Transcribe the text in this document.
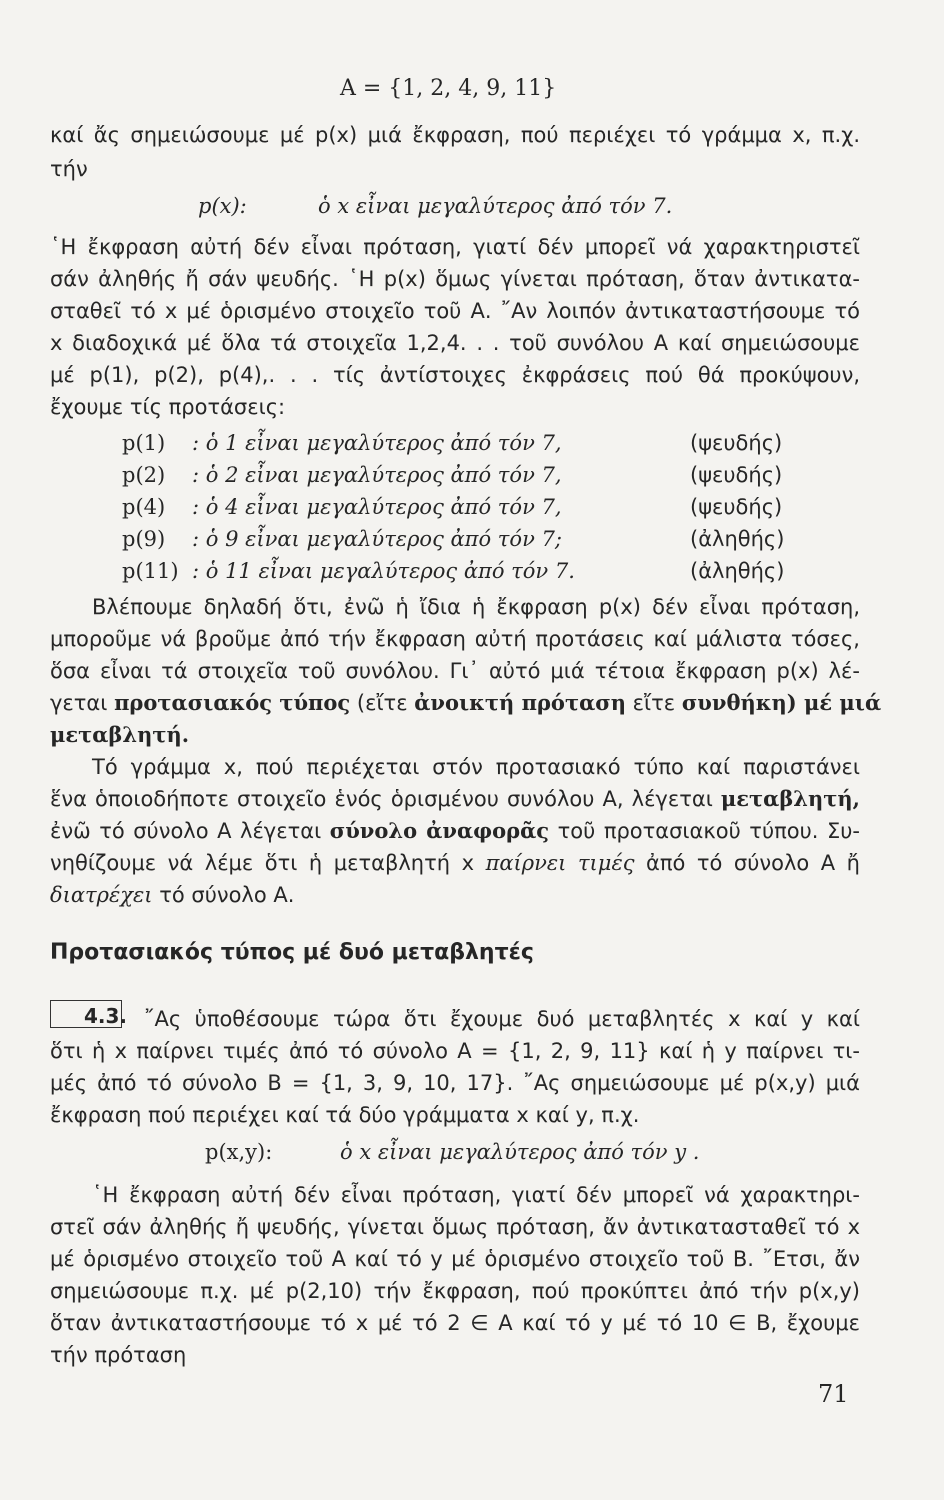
A = {1, 2, 4, 9, 11}
καί ἄς σημειώσουμε μέ p(x) μιά ἔκφραση, πού περιέχει τό γράμμα x, π.χ.
τήν
p(x):	ὁ x εἶναι μεγαλύτερος ἀπό τόν 7.
῾Η ἔκφραση αὐτή δέν εἶναι πρόταση, γιατί δέν μπορεῖ νά χαρακτηριστεῖ
σάν ἀληθής ἤ σάν ψευδής. ῾Η p(x) ὅμως γίνεται πρόταση, ὅταν ἀντικατα-
σταθεῖ τό x μέ ὁρισμένο στοιχεῖο τοῦ Α. ῎Αν λοιπόν ἀντικαταστήσουμε τό
x διαδοχικά μέ ὅλα τά στοιχεῖα 1,2,4. . . τοῦ συνόλου Α καί σημειώσουμε
μέ p(1), p(2), p(4),. . . τίς ἀντίστοιχες ἐκφράσεις πού θά προκύψουν,
ἔχουμε τίς προτάσεις:
p(1) : ὁ 1 εἶναι μεγαλύτερος ἀπό τόν 7,	(ψευδής)
p(2) : ὁ 2 εἶναι μεγαλύτερος ἀπό τόν 7,	(ψευδής)
p(4) : ὁ 4 εἶναι μεγαλύτερος ἀπό τόν 7,	(ψευδής)
p(9) : ὁ 9 εἶναι μεγαλύτερος ἀπό τόν 7;	(ἀληθής)
p(11) : ὁ 11 εἶναι μεγαλύτερος ἀπό τόν 7.	(ἀληθής)
Βλέπουμε δηλαδή ὅτι, ἐνῶ ἡ ἴδια ἡ ἔκφραση p(x) δέν εἶναι πρόταση,
μποροῦμε νά βροῦμε ἀπό τήν ἔκφραση αὐτή προτάσεις καί μάλιστα τόσες,
ὅσα εἶναι τά στοιχεῖα τοῦ συνόλου. Γι᾽ αὐτό μιά τέτοια ἔκφραση p(x) λέ-
γεται προτασιακός τύπος (εἴτε ἀνοικτή πρόταση εἴτε συνθήκη) μέ μιά
μεταβλητή.
Τό γράμμα x, πού περιέχεται στόν προτασιακό τύπο καί παριστάνει
ἕνα ὁποιοδήποτε στοιχεῖο ἑνός ὁρισμένου συνόλου Α, λέγεται μεταβλητή,
ἐνῶ τό σύνολο Α λέγεται σύνολο ἀναφορᾶς τοῦ προτασιακοῦ τύπου. Συ-
νηθίζουμε νά λέμε ὅτι ἡ μεταβλητή x παίρνει τιμές ἀπό τό σύνολο Α ἤ
διατρέχει τό σύνολο Α.
Προτασιακός τύπος μέ δυό μεταβλητές
4.3. ῎Ας ὑποθέσουμε τώρα ὅτι ἔχουμε δυό μεταβλητές x καί y καί
ὅτι ἡ x παίρνει τιμές ἀπό τό σύνολο A = {1, 2, 9, 11} καί ἡ y παίρνει τι-
μές ἀπό τό σύνολο B = {1, 3, 9, 10, 17}. ῎Ας σημειώσουμε μέ p(x,y) μιά
ἔκφραση πού περιέχει καί τά δύο γράμματα x καί y, π.χ.
p(x,y):	ὁ x εἶναι μεγαλύτερος ἀπό τόν y .
῾Η ἔκφραση αὐτή δέν εἶναι πρόταση, γιατί δέν μπορεῖ νά χαρακτηρι-
στεῖ σάν ἀληθής ἤ ψευδής, γίνεται ὅμως πρόταση, ἄν ἀντικατασταθεῖ τό x
μέ ὁρισμένο στοιχεῖο τοῦ A καί τό y μέ ὁρισμένο στοιχεῖο τοῦ Β. ῎Ετσι, ἄν
σημειώσουμε π.χ. μέ p(2,10) τήν ἔκφραση, πού προκύπτει ἀπό τήν p(x,y)
ὅταν ἀντικαταστήσουμε τό x μέ τό 2 ∈ A καί τό y μέ τό 10 ∈ B, ἔχουμε
τήν πρόταση
71
